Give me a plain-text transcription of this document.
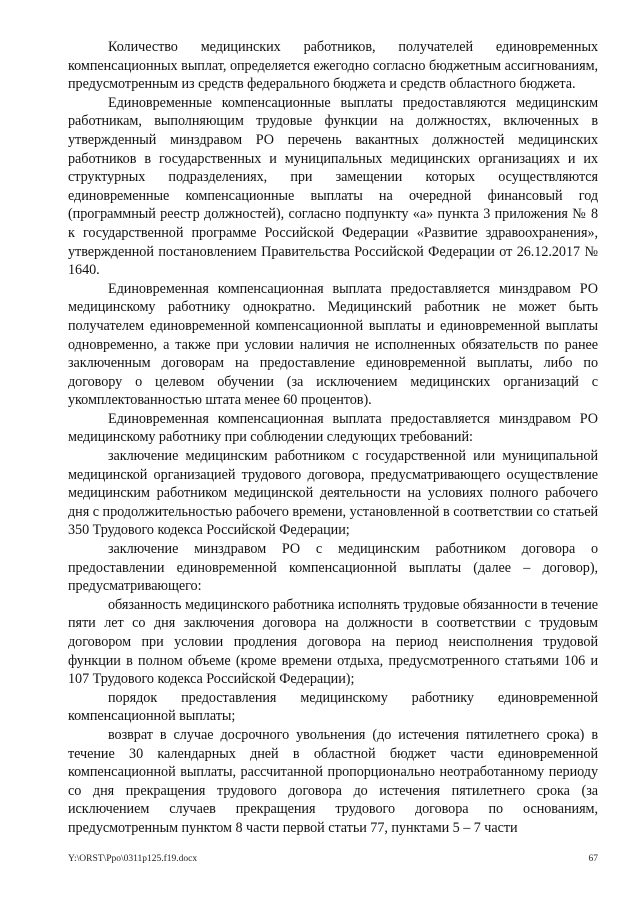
Количество медицинских работников, получателей единовременных компенсационных выплат, определяется ежегодно согласно бюджетным ассигнованиям, предусмотренным из средств федерального бюджета и средств областного бюджета.

Единовременные компенсационные выплаты предоставляются медицинским работникам, выполняющим трудовые функции на должностях, включенных в утвержденный минздравом РО перечень вакантных должностей медицинских работников в государственных и муниципальных медицинских организациях и их структурных подразделениях, при замещении которых осуществляются единовременные компенсационные выплаты на очередной финансовый год (программный реестр должностей), согласно подпункту «а» пункта 3 приложения № 8 к государственной программе Российской Федерации «Развитие здравоохранения», утвержденной постановлением Правительства Российской Федерации от 26.12.2017 № 1640.

Единовременная компенсационная выплата предоставляется минздравом РО медицинскому работнику однократно. Медицинский работник не может быть получателем единовременной компенсационной выплаты и единовременной выплаты одновременно, а также при условии наличия не исполненных обязательств по ранее заключенным договорам на предоставление единовременной выплаты, либо по договору о целевом обучении (за исключением медицинских организаций с укомплектованностью штата менее 60 процентов).

Единовременная компенсационная выплата предоставляется минздравом РО медицинскому работнику при соблюдении следующих требований:

заключение медицинским работником с государственной или муниципальной медицинской организацией трудового договора, предусматривающего осуществление медицинским работником медицинской деятельности на условиях полного рабочего дня с продолжительностью рабочего времени, установленной в соответствии со статьей 350 Трудового кодекса Российской Федерации;

заключение минздравом РО с медицинским работником договора о предоставлении единовременной компенсационной выплаты (далее – договор), предусматривающего:

обязанность медицинского работника исполнять трудовые обязанности в течение пяти лет со дня заключения договора на должности в соответствии с трудовым договором при условии продления договора на период неисполнения трудовой функции в полном объеме (кроме времени отдыха, предусмотренного статьями 106 и 107 Трудового кодекса Российской Федерации);

порядок предоставления медицинскому работнику единовременной компенсационной выплаты;

возврат в случае досрочного увольнения (до истечения пятилетнего срока) в течение 30 календарных дней в областной бюджет части единовременной компенсационной выплаты, рассчитанной пропорционально неотработанному периоду со дня прекращения трудового договора до истечения пятилетнего срока (за исключением случаев прекращения трудового договора по основаниям, предусмотренным пунктом 8 части первой статьи 77, пунктами 5 – 7 части

Y:\ORST\Ppo\0311p125.f19.docx	67
